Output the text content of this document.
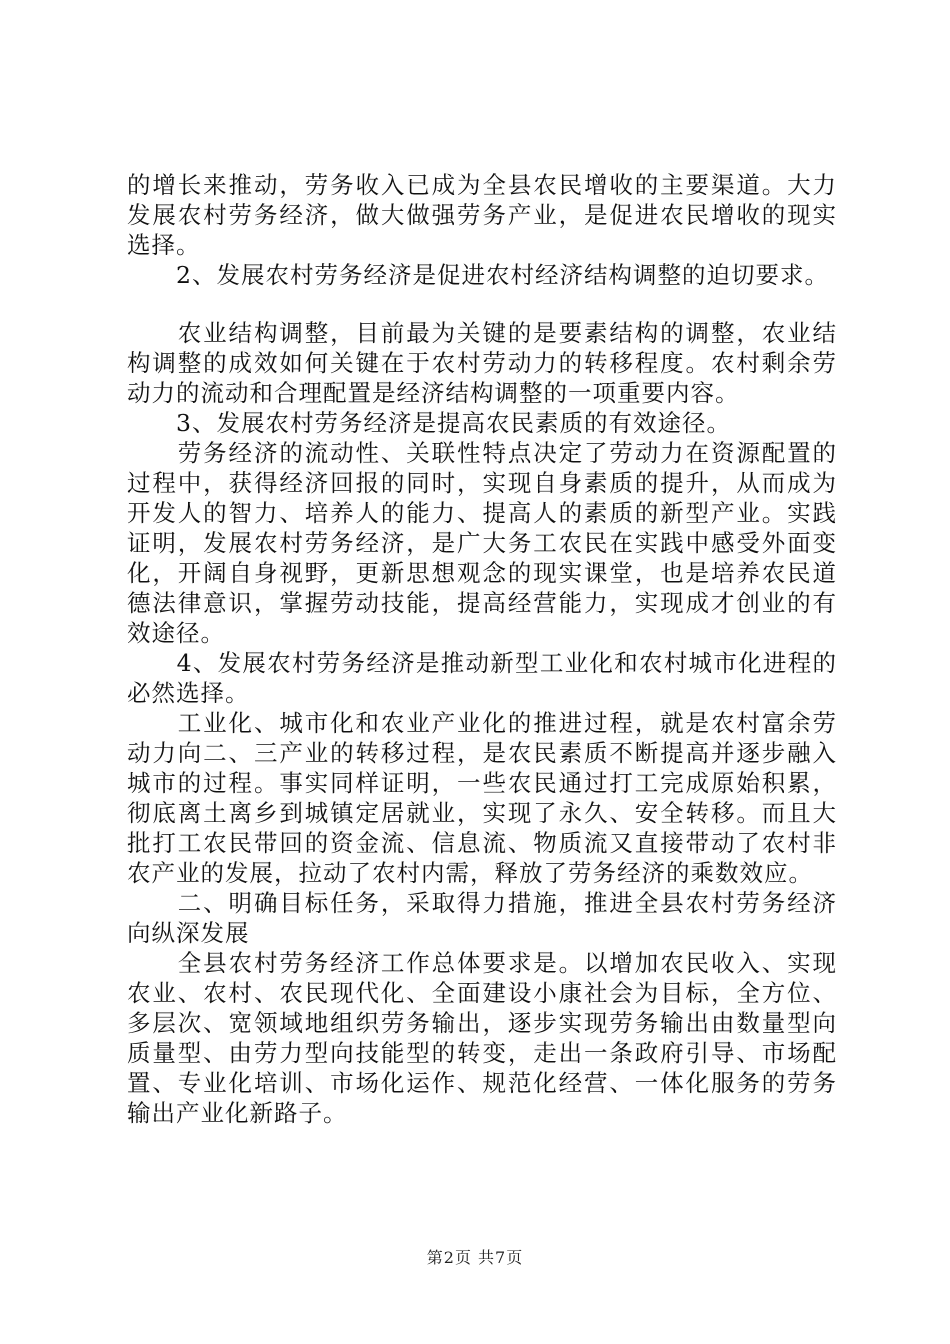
的增长来推动，劳务收入已成为全县农民增收的主要渠道。大力发展农村劳务经济，做大做强劳务产业，是促进农民增收的现实选择。

　　2、发展农村劳务经济是促进农村经济结构调整的迫切要求。

　　农业结构调整，目前最为关键的是要素结构的调整，农业结构调整的成效如何关键在于农村劳动力的转移程度。农村剩余劳动力的流动和合理配置是经济结构调整的一项重要内容。

　　3、发展农村劳务经济是提高农民素质的有效途径。

　　劳务经济的流动性、关联性特点决定了劳动力在资源配置的过程中，获得经济回报的同时，实现自身素质的提升，从而成为开发人的智力、培养人的能力、提高人的素质的新型产业。实践证明，发展农村劳务经济，是广大务工农民在实践中感受外面变化，开阔自身视野，更新思想观念的现实课堂，也是培养农民道德法律意识，掌握劳动技能，提高经营能力，实现成才创业的有效途径。

　　4、发展农村劳务经济是推动新型工业化和农村城市化进程的必然选择。

　　工业化、城市化和农业产业化的推进过程，就是农村富余劳动力向二、三产业的转移过程，是农民素质不断提高并逐步融入城市的过程。事实同样证明，一些农民通过打工完成原始积累，彻底离土离乡到城镇定居就业，实现了永久、安全转移。而且大批打工农民带回的资金流、信息流、物质流又直接带动了农村非农产业的发展，拉动了农村内需，释放了劳务经济的乘数效应。

　　二、明确目标任务，采取得力措施，推进全县农村劳务经济向纵深发展

　　全县农村劳务经济工作总体要求是。以增加农民收入、实现农业、农村、农民现代化、全面建设小康社会为目标，全方位、多层次、宽领域地组织劳务输出，逐步实现劳务输出由数量型向质量型、由劳力型向技能型的转变，走出一条政府引导、市场配置、专业化培训、市场化运作、规范化经营、一体化服务的劳务输出产业化新路子。

第2页 共7页
